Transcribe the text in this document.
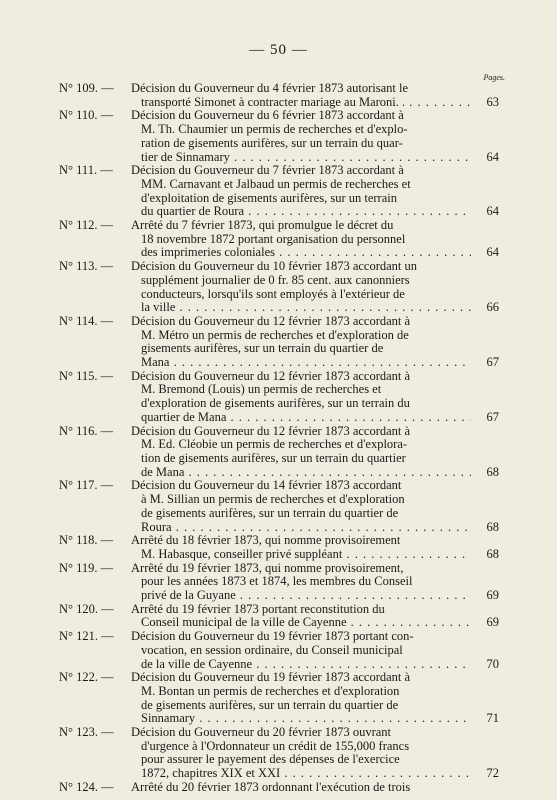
— 50 —
Pages.
N° 109. —	Décision du Gouverneur du 4 février 1873 autorisant le
transporté Simonet à contracter mariage au Maroni. . . . .	63
N° 110. —	Décision du Gouverneur du 6 février 1873 accordant à
M. Th. Chaumier un permis de recherches et d'explo-
ration de gisements aurifères, sur un terrain du quar-
tier de Sinnamary . . .	64
N° 111. —	Décision du Gouverneur du 7 février 1873 accordant à
MM. Carnavant et Jalbaud un permis de recherches et
d'exploitation de gisements aurifères, sur un terrain
du quartier de Roura . . .	64
N° 112. —	Arrêté du 7 février 1873, qui promulgue le décret du
18 novembre 1872 portant organisation du personnel
des imprimeries coloniales . . .	64
N° 113. —	Décision du Gouverneur du 10 février 1873 accordant un
supplément journalier de 0 fr. 85 cent. aux canonniers
conducteurs, lorsqu'ils sont employés à l'extérieur de
la ville . . .	66
N° 114. —	Décision du Gouverneur du 12 février 1873 accordant à
M. Métro un permis de recherches et d'exploration de
gisements aurifères, sur un terrain du quartier de
Mana . . .	67
N° 115. —	Décision du Gouverneur du 12 février 1873 accordant à
M. Bremond (Louis) un permis de recherches et
d'exploration de gisements aurifères, sur un terrain du
quartier de Mana . . .	67
N° 116. —	Décision du Gouverneur du 12 février 1873 accordant à
M. Ed. Cléobie un permis de recherches et d'explora-
tion de gisements aurifères, sur un terrain du quartier
de Mana . . .	68
N° 117. —	Décision du Gouverneur du 14 février 1873 accordant
à M. Sillian un permis de recherches et d'exploration
de gisements aurifères, sur un terrain du quartier de
Roura . . .	68
N° 118. —	Arrêté du 18 février 1873, qui nomme provisoirement
M. Habasque, conseiller privé suppléant . . .	68
N° 119. —	Arrêté du 19 février 1873, qui nomme provisoirement,
pour les années 1873 et 1874, les membres du Conseil
privé de la Guyane . . .	69
N° 120. —	Arrêté du 19 février 1873 portant reconstitution du
Conseil municipal de la ville de Cayenne . . .	69
N° 121. —	Décision du Gouverneur du 19 février 1873 portant con-
vocation, en session ordinaire, du Conseil municipal
de la ville de Cayenne . . .	70
N° 122. —	Décision du Gouverneur du 19 février 1873 accordant à
M. Bontan un permis de recherches et d'exploration
de gisements aurifères, sur un terrain du quartier de
Sinnamary . . .	71
N° 123. —	Décision du Gouverneur du 20 février 1873 ouvrant
d'urgence à l'Ordonnateur un crédit de 155,000 francs
pour assurer le payement des dépenses de l'exercice
1872, chapitres XIX et XXI . . .	72
N° 124. —	Arrêté du 20 février 1873 ordonnant l'exécution de trois
